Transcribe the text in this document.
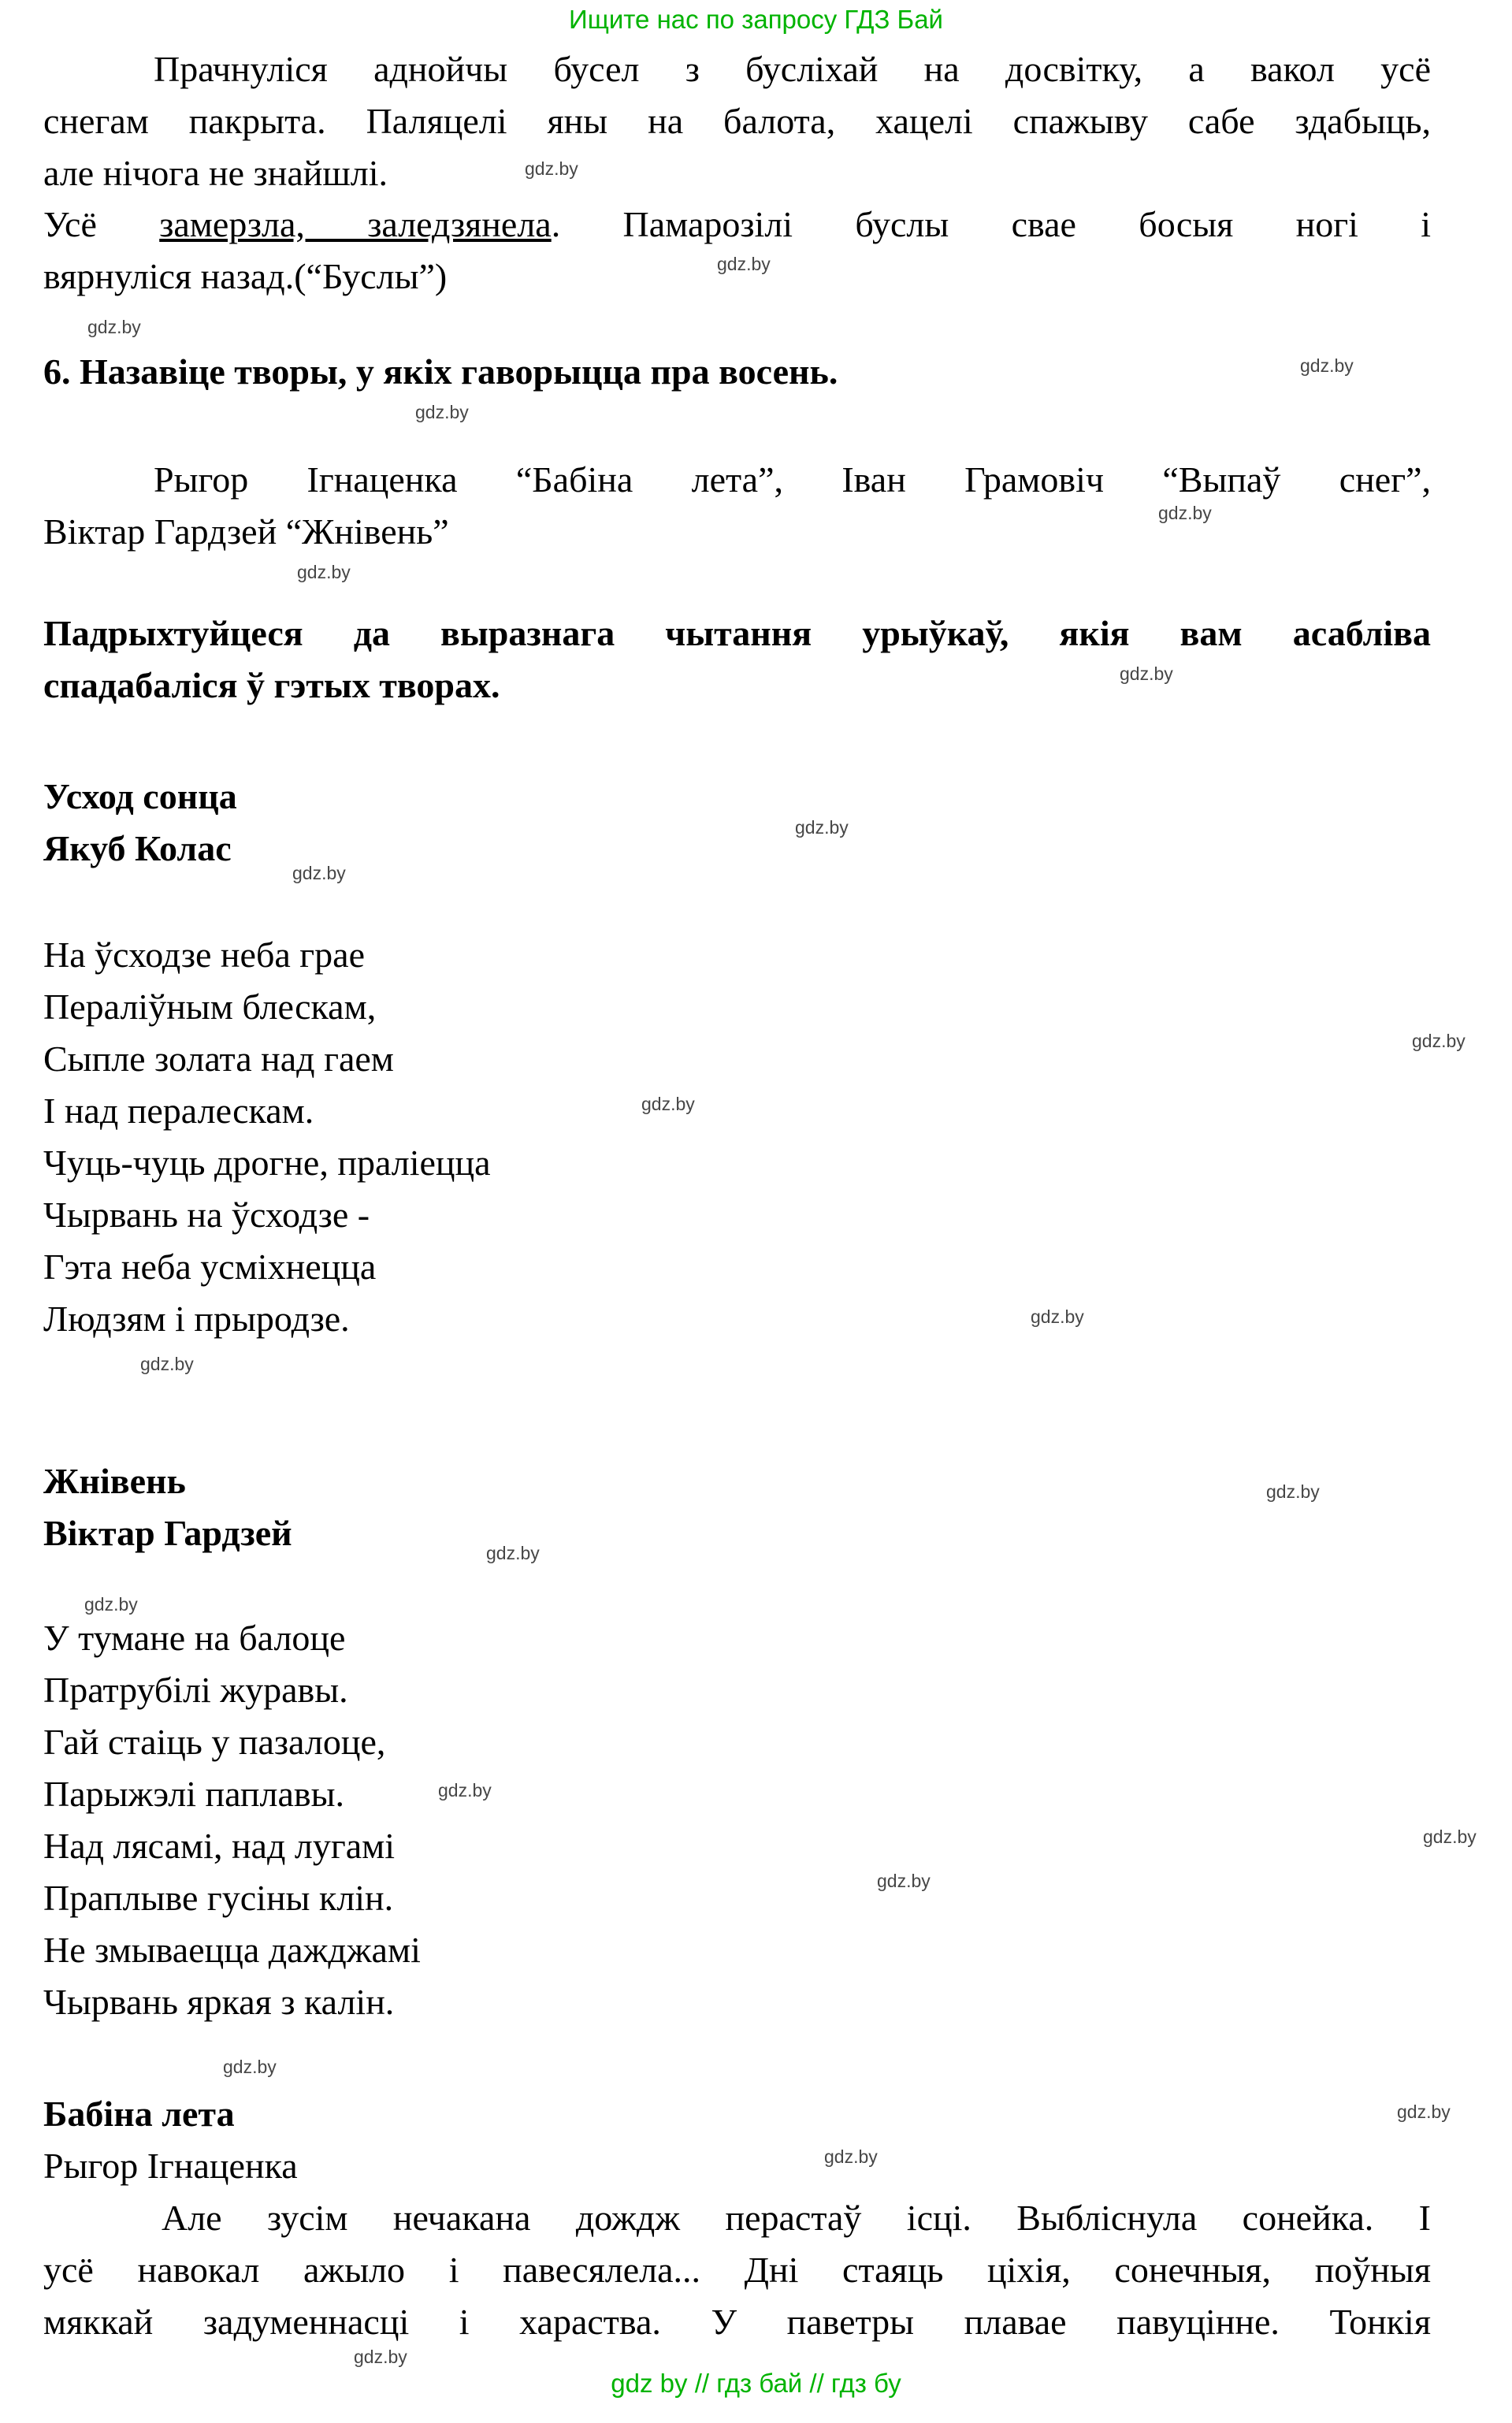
Ищите нас по запросу ГДЗ Бай
Прачнуліся аднойчы бусел з бусліхай на досвітку, а вакол усё
снегам пакрыта. Паляцелі яны на балота, хацелі спажыву сабе здабыць,
але нічога не знайшлі.
Усё замерзла, заледзянела. Памарозілі буслы свае босыя ногі і
вярнуліся назад.(“Буслы”)
6. Назавіце творы, у якіх гаворыцца пра восень.
Рыгор Ігнаценка “Бабіна лета”, Іван Грамовіч “Выпаў снег”,
Віктар Гардзей “Жнівень”
Падрыхтуйцеся да выразнага чытання урыўкаў, якія вам асабліва
спадабаліся ў гэтых творах.
Усход сонца
Якуб Колас
На ўсходзе неба грае
Пераліўным блескам,
Сыпле золата над гаем
І над пералескам.
Чуць-чуць дрогне, праліецца
Чырвань на ўсходзе -
Гэта неба усміхнецца
Людзям і прыродзе.
Жнівень
Віктар Гардзей
У тумане на балоце
Пратрубілі журавы.
Гай стаіць у пазалоце,
Парыжэлі паплавы.
Над лясамі, над лугамі
Праплыве гусіны клін.
Не змываецца дажджамі
Чырвань яркая з калін.
Бабіна лета
Рыгор Ігнаценка
Але зусім нечакана дождж перастаў ісці. Выбліснула сонейка. І
усё навокал ажыло і павесялела... Дні стаяць ціхія, сонечныя, поўныя
мяккай задуменнасці і хараства. У паветры плавае павуцінне. Тонкія
gdz.by
gdz.by
gdz.by
gdz.by
gdz.by
gdz.by
gdz.by
gdz.by
gdz.by
gdz.by
gdz.by
gdz.by
gdz.by
gdz.by
gdz.by
gdz.by
gdz.by
gdz.by
gdz.by
gdz.by
gdz.by
gdz.by
gdz.by
gdz.by
gdz by // гдз бай // гдз бу
